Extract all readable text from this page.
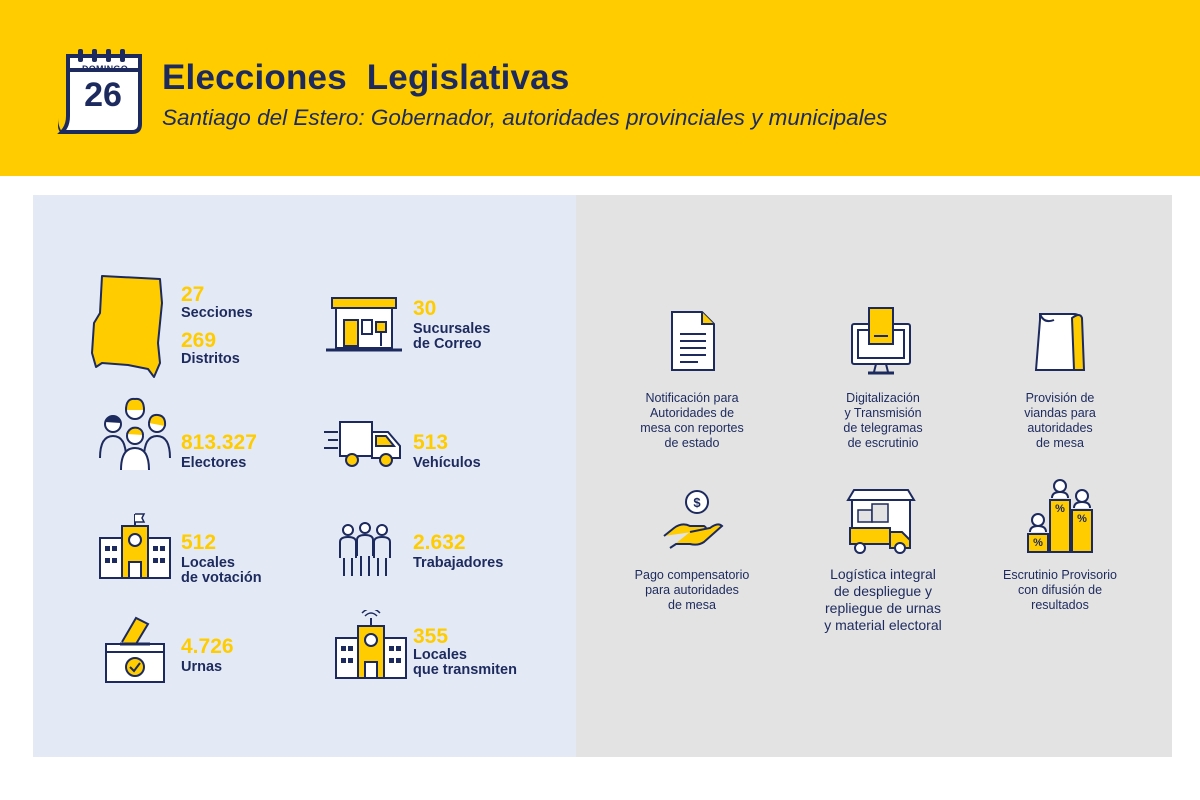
DOMINGO
26	Elecciones  Legislativas
Santiago del Estero: Gobernador, autoridades provinciales y municipales
27
Secciones
269
Distritos
30
Sucursales
de Correo
813.327
Electores
513
Vehículos
512
Locales
de votación
2.632
Trabajadores
4.726
Urnas
355
Locales
que transmiten
Notificación para
Autoridades de
mesa con reportes
de estado
Digitalización
y Transmisión
de telegramas
de escrutinio
Provisión de
viandas para
autoridades
de mesa
$
Pago compensatorio
para autoridades
de mesa
Logística integral
de despliegue y
repliegue de urnas
y material electoral
%
%
%
Escrutinio Provisorio
con difusión de
resultados
